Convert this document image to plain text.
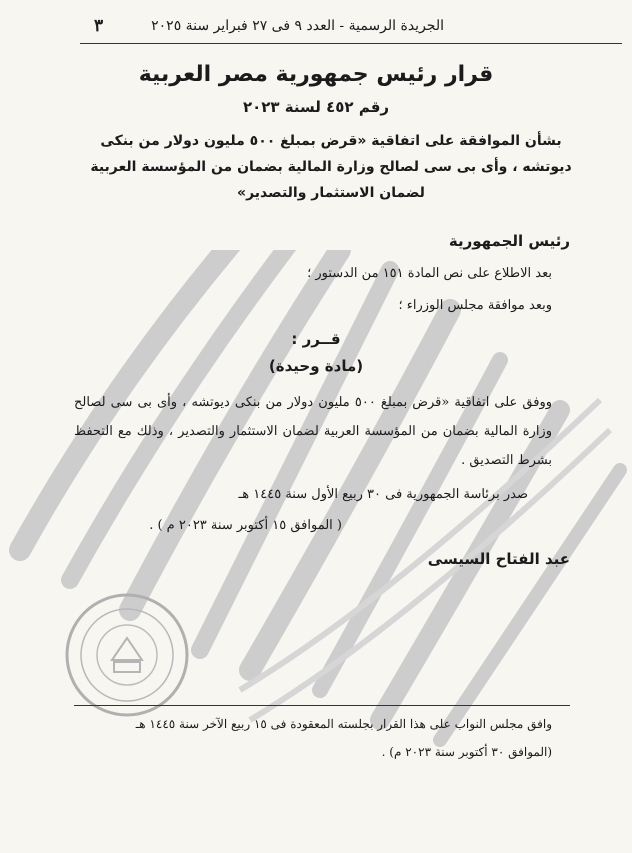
الجريدة الرسمية - العدد ٩ فى ٢٧ فبراير سنة ٢٠٢٥
٣
قرار رئيس جمهورية مصر العربية
رقم ٤٥٢ لسنة ٢٠٢٣
بشأن الموافقة على اتفاقية «قرض بمبلغ ٥٠٠ مليون دولار من بنكى ديوتشه ، وأى بى سى لصالح وزارة المالية بضمان من المؤسسة العربية لضمان الاستثمار والتصدير»
رئيس الجمهورية
بعد الاطلاع على نص المادة ١٥١ من الدستور ؛
وبعد موافقة مجلس الوزراء ؛
قــرر :
(مادة وحيدة)
ووفق على اتفاقية «قرض بمبلغ ٥٠٠ مليون دولار من بنكى ديوتشه ، وأى بى سى لصالح وزارة المالية بضمان من المؤسسة العربية لضمان الاستثمار والتصدير ، وذلك مع التحفظ بشرط التصديق .
صدر برئاسة الجمهورية فى ٣٠ ربيع الأول سنة ١٤٤٥ هـ
( الموافق ١٥ أكتوبر سنة ٢٠٢٣ م ) .
عبد الفتاح السيسى
وافق مجلس النواب على هذا القرار بجلسته المعقودة فى ١٥ ربيع الآخر سنة ١٤٤٥ هـ
(الموافق ٣٠ أكتوبر سنة ٢٠٢٣ م) .
